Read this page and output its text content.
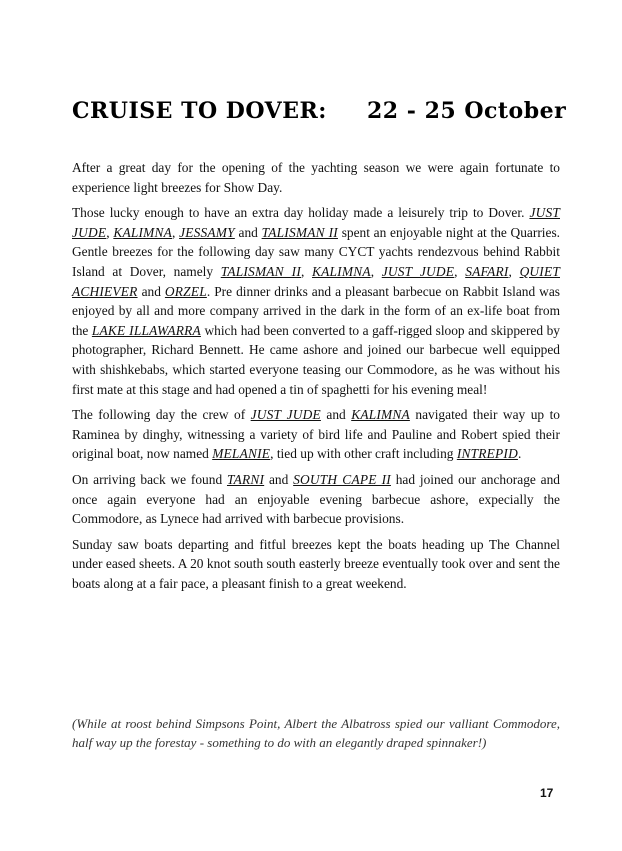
CRUISE TO DOVER: 22 - 25 October

After a great day for the opening of the yachting season we were again fortunate to experience light breezes for Show Day.

Those lucky enough to have an extra day holiday made a leisurely trip to Dover. JUST JUDE, KALIMNA, JESSAMY and TALISMAN II spent an enjoyable night at the Quarries. Gentle breezes for the following day saw many CYCT yachts rendezvous behind Rabbit Island at Dover, namely TALISMAN II, KALIMNA, JUST JUDE, SAFARI, QUIET ACHIEVER and ORZEL. Pre dinner drinks and a pleasant barbecue on Rabbit Island was enjoyed by all and more company arrived in the dark in the form of an ex-life boat from the LAKE ILLAWARRA which had been converted to a gaff-rigged sloop and skippered by photographer, Richard Bennett. He came ashore and joined our barbecue well equipped with shishkebabs, which started everyone teasing our Commodore, as he was without his first mate at this stage and had opened a tin of spaghetti for his evening meal!

The following day the crew of JUST JUDE and KALIMNA navigated their way up to Raminea by dinghy, witnessing a variety of bird life and Pauline and Robert spied their original boat, now named MELANIE, tied up with other craft including INTREPID.

On arriving back we found TARNI and SOUTH CAPE II had joined our anchorage and once again everyone had an enjoyable evening barbecue ashore, expecially the Commodore, as Lynece had arrived with barbecue provisions.

Sunday saw boats departing and fitful breezes kept the boats heading up The Channel under eased sheets. A 20 knot south south easterly breeze eventually took over and sent the boats along at a fair pace, a pleasant finish to a great weekend.

(While at roost behind Simpsons Point, Albert the Albatross spied our valliant Commodore, half way up the forestay - something to do with an elegantly draped spinnaker!)
17
